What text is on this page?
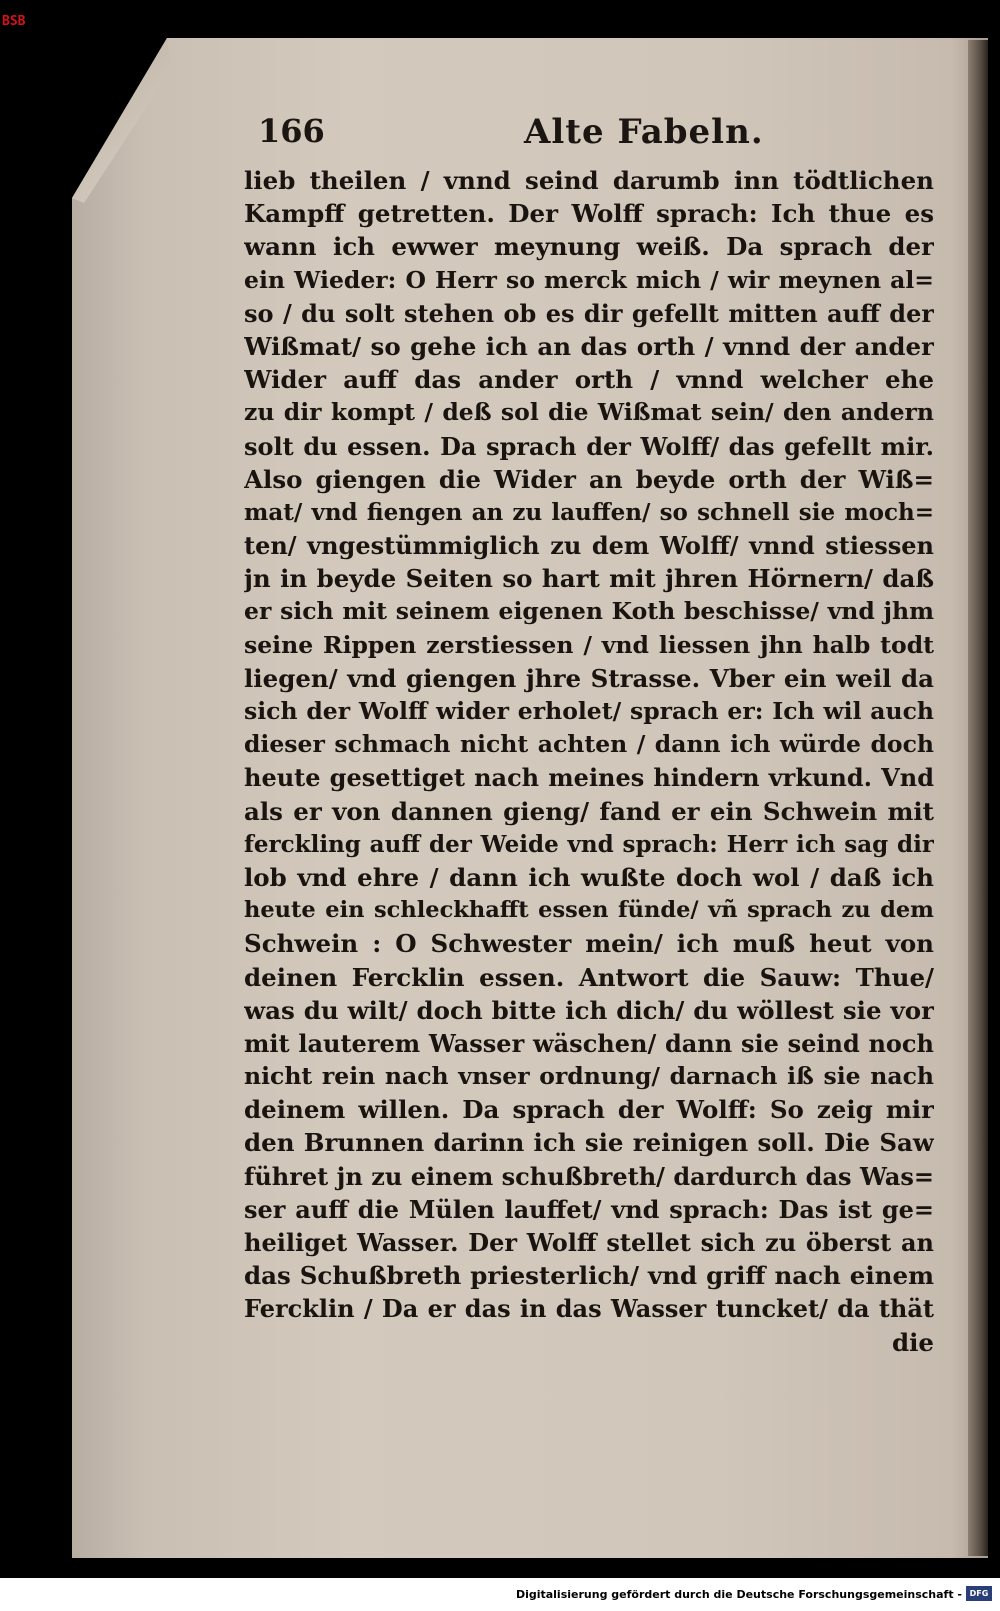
BSB
166	Alte Fabeln.
lieb theilen / vnnd seind darumb inn tödtlichen
Kampff getretten. Der Wolff sprach: Ich thue es
wann ich ewwer meynung weiß. Da sprach der
ein Wieder: O Herr so merck mich / wir meynen al=
so / du solt stehen ob es dir gefellt mitten auff der
Wißmat/ so gehe ich an das orth / vnnd der ander
Wider auff das ander orth / vnnd welcher ehe
zu dir kompt / deß sol die Wißmat sein/ den andern
solt du essen. Da sprach der Wolff/ das gefellt mir.
Also giengen die Wider an beyde orth der Wiß=
mat/ vnd fiengen an zu lauffen/ so schnell sie moch=
ten/ vngestümmiglich zu dem Wolff/ vnnd stiessen
jn in beyde Seiten so hart mit jhren Hörnern/ daß
er sich mit seinem eigenen Koth beschisse/ vnd jhm
seine Rippen zerstiessen / vnd liessen jhn halb todt
liegen/ vnd giengen jhre Strasse. Vber ein weil da
sich der Wolff wider erholet/ sprach er: Ich wil auch
dieser schmach nicht achten / dann ich würde doch
heute gesettiget nach meines hindern vrkund. Vnd
als er von dannen gieng/ fand er ein Schwein mit
ferckling auff der Weide vnd sprach: Herr ich sag dir
lob vnd ehre / dann ich wußte doch wol / daß ich
heute ein schleckhafft essen fünde/ vñ sprach zu dem
Schwein : O Schwester mein/ ich muß heut von
deinen Fercklin essen. Antwort die Sauw: Thue/
was du wilt/ doch bitte ich dich/ du wöllest sie vor
mit lauterem Wasser wäschen/ dann sie seind noch
nicht rein nach vnser ordnung/ darnach iß sie nach
deinem willen. Da sprach der Wolff: So zeig mir
den Brunnen darinn ich sie reinigen soll. Die Saw
führet jn zu einem schußbreth/ dardurch das Was=
ser auff die Mülen lauffet/ vnd sprach: Das ist ge=
heiliget Wasser. Der Wolff stellet sich zu öberst an
das Schußbreth priesterlich/ vnd griff nach einem
Fercklin / Da er das in das Wasser tuncket/ da thät
die
Digitalisierung gefördert durch die Deutsche Forschungsgemeinschaft - DFG
